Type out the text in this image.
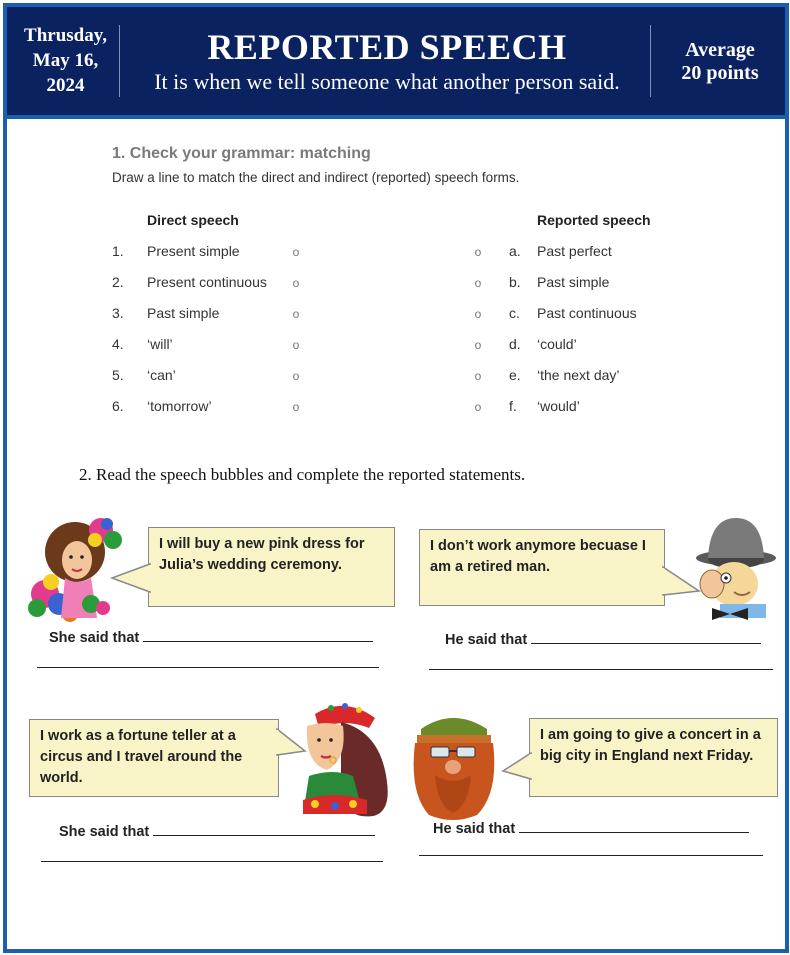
Thrusday,
May 16,
2024
REPORTED SPEECH
It is when we tell someone what another person said.
Average
20 points
1. Check your grammar: matching
Draw a line to match the direct and indirect (reported) speech forms.
Direct speech	Reported speech
1. Present simple	o	o a. Past perfect
2. Present continuous o	o b. Past simple
3. Past simple	o	o c. Past continuous
4. ‘will’	o	o d. ‘could’
5. ‘can’	o	o e. ‘the next day’
6. ‘tomorrow’	o	o f. ‘would’
2. Read the speech bubbles and complete the reported statements.
I will buy a new pink dress for Julia’s wedding ceremony.
She said that
I don’t work anymore becuase I am a retired man.
He said that
I work as a fortune teller at a circus and I travel around the world.
She said that
I am going to give a concert in a big city in England next Friday.
He said that
